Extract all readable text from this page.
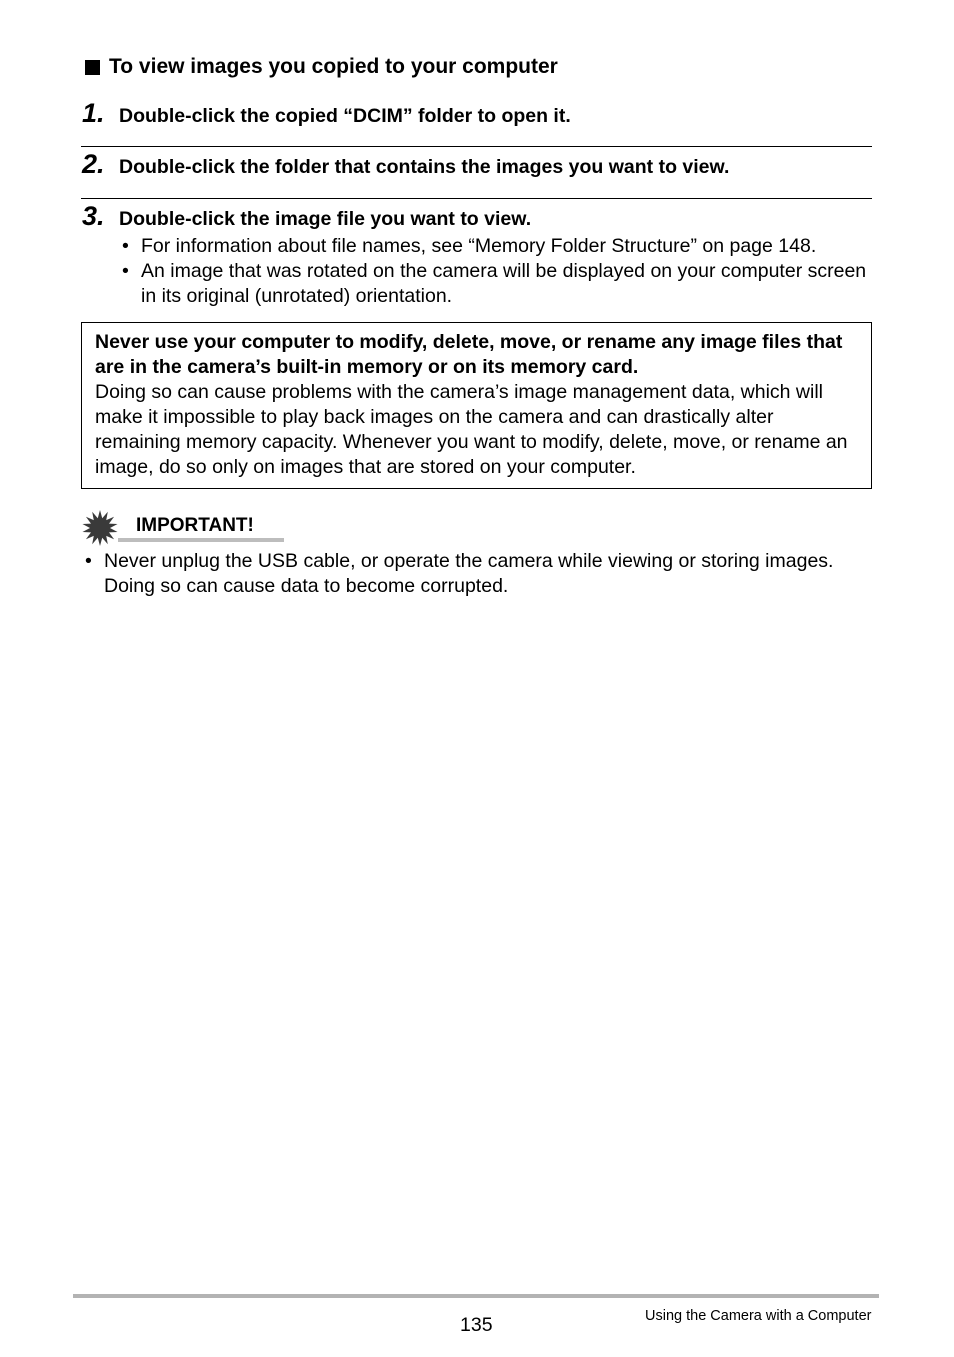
To view images you copied to your computer
1. Double-click the copied “DCIM” folder to open it.
2. Double-click the folder that contains the images you want to view.
3. Double-click the image file you want to view.
• For information about file names, see “Memory Folder Structure” on page 148.
• An image that was rotated on the camera will be displayed on your computer screen in its original (unrotated) orientation.
Never use your computer to modify, delete, move, or rename any image files that are in the camera’s built-in memory or on its memory card.
Doing so can cause problems with the camera’s image management data, which will make it impossible to play back images on the camera and can drastically alter remaining memory capacity. Whenever you want to modify, delete, move, or rename an image, do so only on images that are stored on your computer.
IMPORTANT!
• Never unplug the USB cable, or operate the camera while viewing or storing images. Doing so can cause data to become corrupted.
135	Using the Camera with a Computer
